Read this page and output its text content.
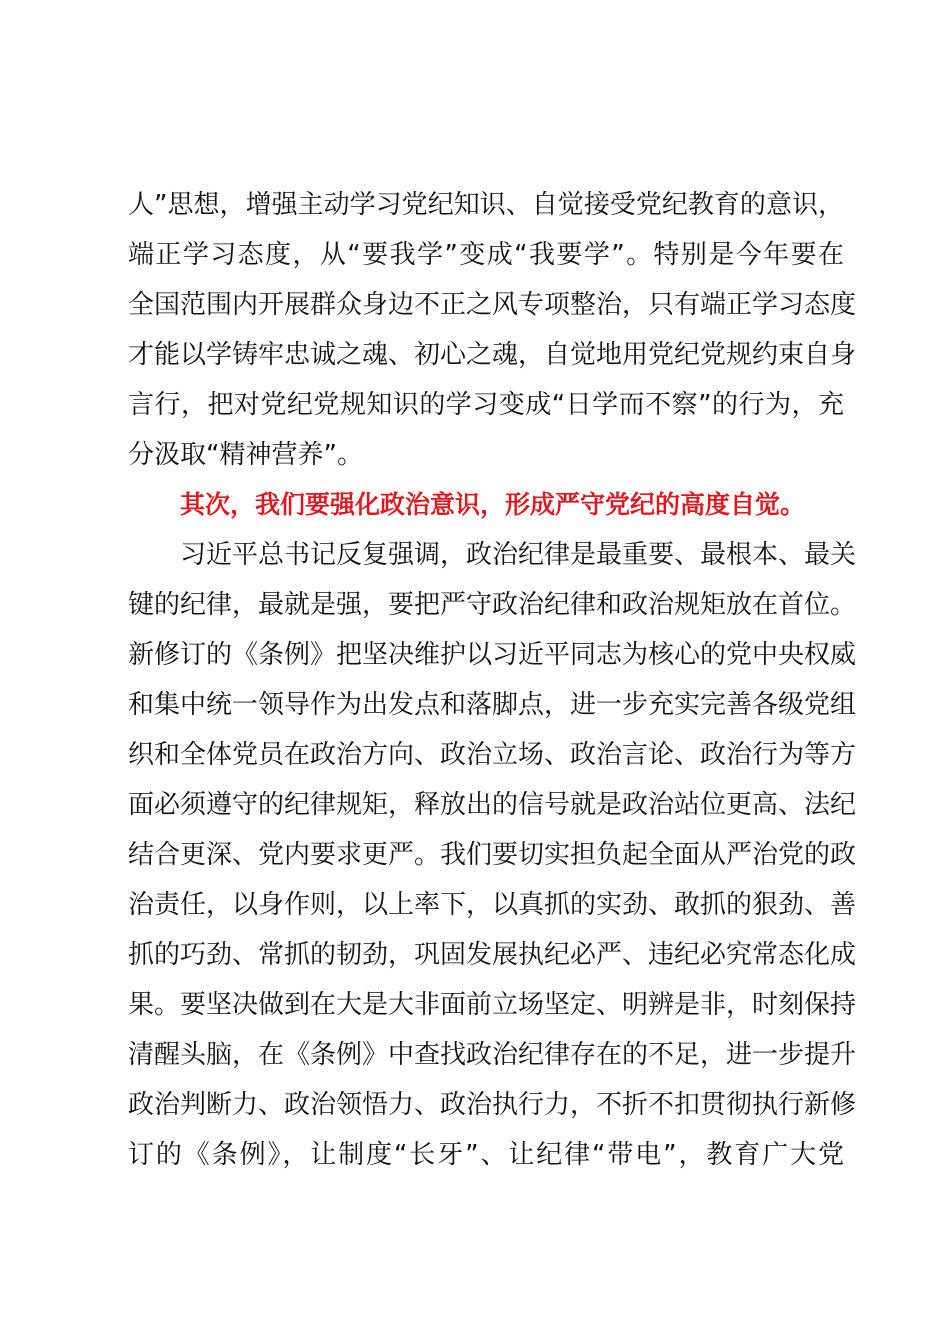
人”思想，增强主动学习党纪知识、自觉接受党纪教育的意识，
端正学习态度，从“要我学”变成“我要学”。特别是今年要在
全国范围内开展群众身边不正之风专项整治，只有端正学习态度
才能以学铸牢忠诚之魂、初心之魂，自觉地用党纪党规约束自身
言行，把对党纪党规知识的学习变成“日学而不察”的行为，充
分汲取“精神营养”。
其次，我们要强化政治意识，形成严守党纪的高度自觉。
习近平总书记反复强调，政治纪律是最重要、最根本、最关
键的纪律，最就是强，要把严守政治纪律和政治规矩放在首位。
新修订的《条例》把坚决维护以习近平同志为核心的党中央权威
和集中统一领导作为出发点和落脚点，进一步充实完善各级党组
织和全体党员在政治方向、政治立场、政治言论、政治行为等方
面必须遵守的纪律规矩，释放出的信号就是政治站位更高、法纪
结合更深、党内要求更严。我们要切实担负起全面从严治党的政
治责任，以身作则，以上率下，以真抓的实劲、敢抓的狠劲、善
抓的巧劲、常抓的韧劲，巩固发展执纪必严、违纪必究常态化成
果。要坚决做到在大是大非面前立场坚定、明辨是非，时刻保持
清醒头脑，在《条例》中查找政治纪律存在的不足，进一步提升
政治判断力、政治领悟力、政治执行力，不折不扣贯彻执行新修
订的《条例》，让制度“长牙”、让纪律“带电”，教育广大党
